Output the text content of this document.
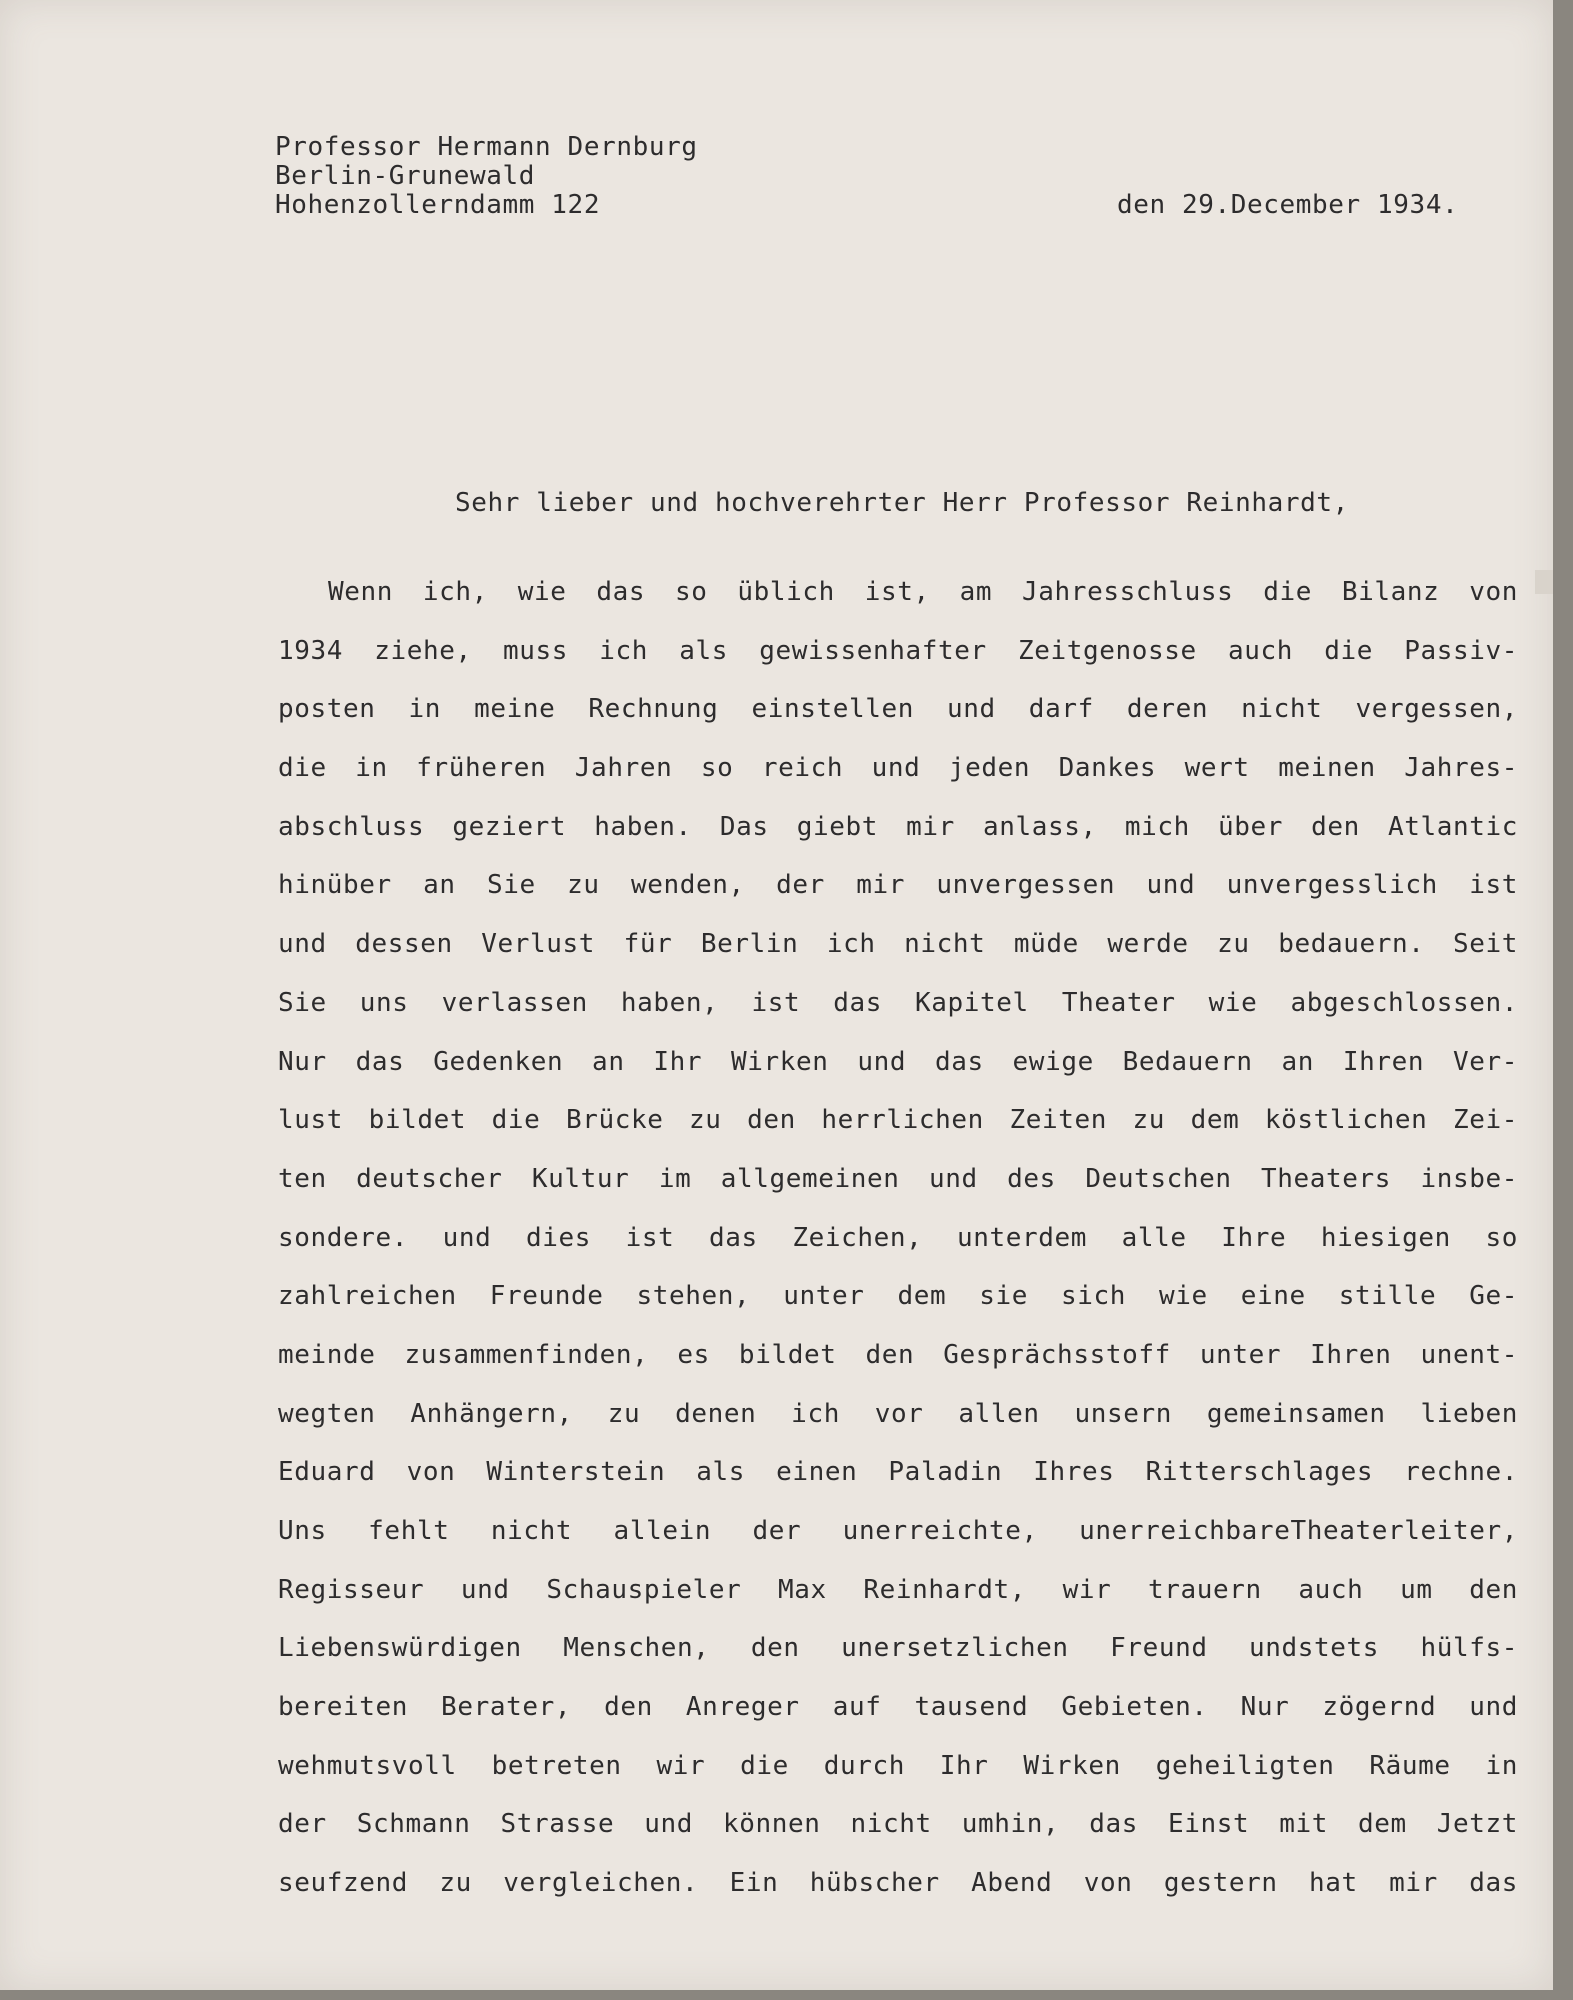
Professor Hermann Dernburg
Berlin-Grunewald
Hohenzollerndamm 122	den 29.December 1934.
Sehr lieber und hochverehrter Herr Professor Reinhardt,
Wenn ich, wie das so üblich ist, am Jahresschluss die Bilanz von
1934 ziehe, muss ich als gewissenhafter Zeitgenosse auch die Passiv-
posten in meine Rechnung einstellen und darf deren nicht vergessen,
die in früheren Jahren so reich und jeden Dankes wert meinen Jahres-
abschluss geziert haben. Das giebt mir anlass, mich über den Atlantic
hinüber an Sie zu wenden, der mir unvergessen und unvergesslich ist
und dessen Verlust für Berlin ich nicht müde werde zu bedauern. Seit
Sie uns verlassen haben, ist das Kapitel Theater wie abgeschlossen.
Nur das Gedenken an Ihr Wirken und das ewige Bedauern an Ihren Ver-
lust bildet die Brücke zu den herrlichen Zeiten zu dem köstlichen Zei-
ten deutscher Kultur im allgemeinen und des Deutschen Theaters insbe-
sondere. und dies ist das Zeichen, unterdem alle Ihre hiesigen so
zahlreichen Freunde stehen, unter dem sie sich wie eine stille Ge-
meinde zusammenfinden, es bildet den Gesprächsstoff unter Ihren unent-
wegten Anhängern, zu denen ich vor allen unsern gemeinsamen lieben
Eduard von Winterstein als einen Paladin Ihres Ritterschlages rechne.
Uns fehlt nicht allein der unerreichte, unerreichbareTheaterleiter,
Regisseur und Schauspieler Max Reinhardt, wir trauern auch um den
Liebenswürdigen Menschen, den unersetzlichen Freund undstets hülfs-
bereiten Berater, den Anreger auf tausend Gebieten. Nur zögernd und
wehmutsvoll betreten wir die durch Ihr Wirken geheiligten Räume in
der Schmann Strasse und können nicht umhin, das Einst mit dem Jetzt
seufzend zu vergleichen. Ein hübscher Abend von gestern hat mir das
